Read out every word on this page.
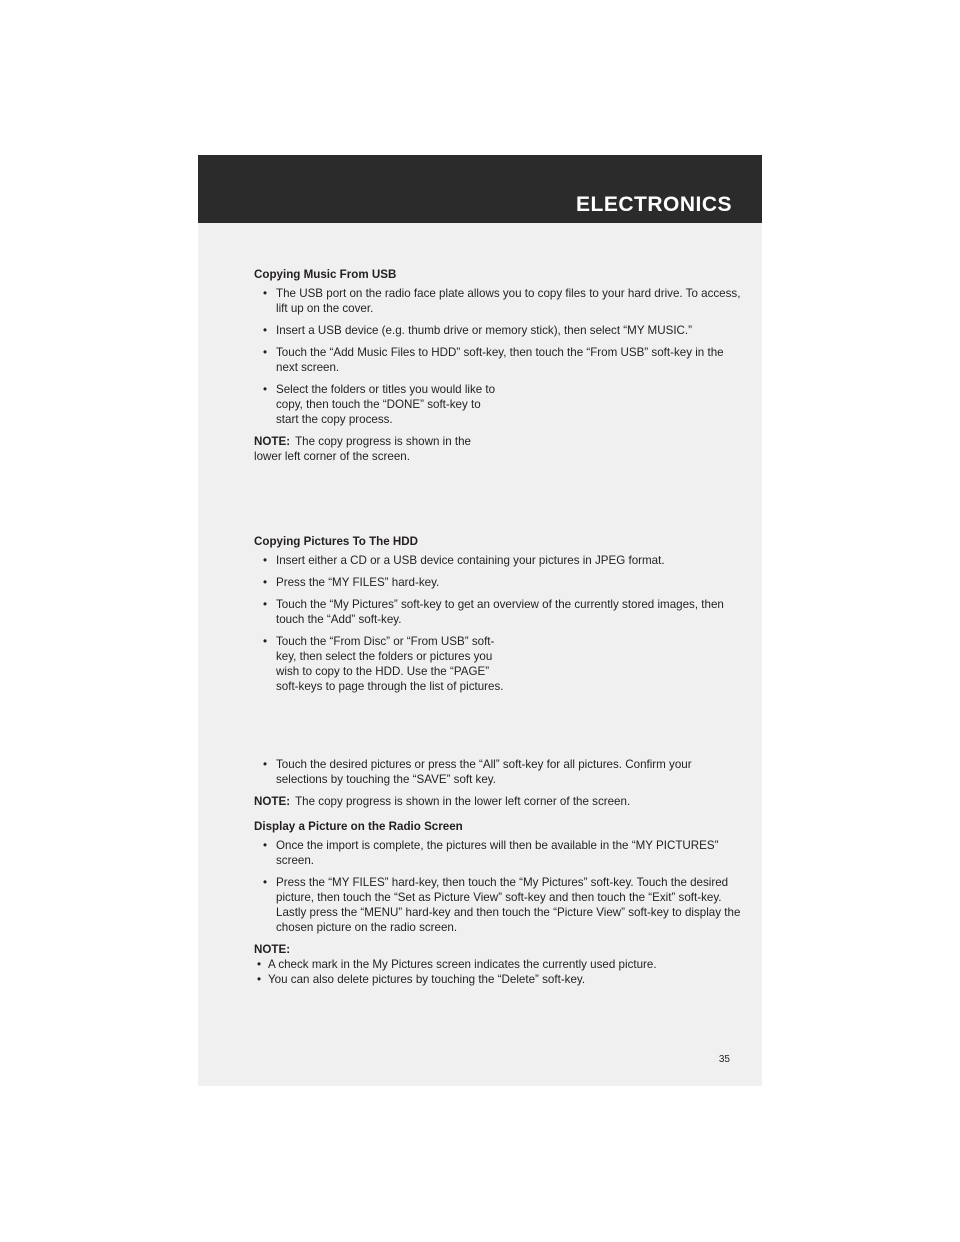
ELECTRONICS
Copying Music From USB
• The USB port on the radio face plate allows you to copy files to your hard drive. To access, lift up on the cover.
• Insert a USB device (e.g. thumb drive or memory stick), then select “MY MUSIC.”
• Touch the “Add Music Files to HDD” soft-key, then touch the “From USB” soft-key in the next screen.
• Select the folders or titles you would like to copy, then touch the “DONE” soft-key to start the copy process.
NOTE: The copy progress is shown in the lower left corner of the screen.
Copying Pictures To The HDD
• Insert either a CD or a USB device containing your pictures in JPEG format.
• Press the “MY FILES” hard-key.
• Touch the “My Pictures” soft-key to get an overview of the currently stored images, then touch the “Add” soft-key.
• Touch the “From Disc” or “From USB” soft-key, then select the folders or pictures you wish to copy to the HDD. Use the “PAGE” soft-keys to page through the list of pictures.
• Touch the desired pictures or press the “All” soft-key for all pictures. Confirm your selections by touching the “SAVE” soft key.
NOTE: The copy progress is shown in the lower left corner of the screen.
Display a Picture on the Radio Screen
• Once the import is complete, the pictures will then be available in the “MY PICTURES” screen.
• Press the “MY FILES” hard-key, then touch the “My Pictures” soft-key. Touch the desired picture, then touch the “Set as Picture View” soft-key and then touch the “Exit” soft-key. Lastly press the “MENU” hard-key and then touch the “Picture View” soft-key to display the chosen picture on the radio screen.
NOTE:
• A check mark in the My Pictures screen indicates the currently used picture.
• You can also delete pictures by touching the “Delete” soft-key.
35
